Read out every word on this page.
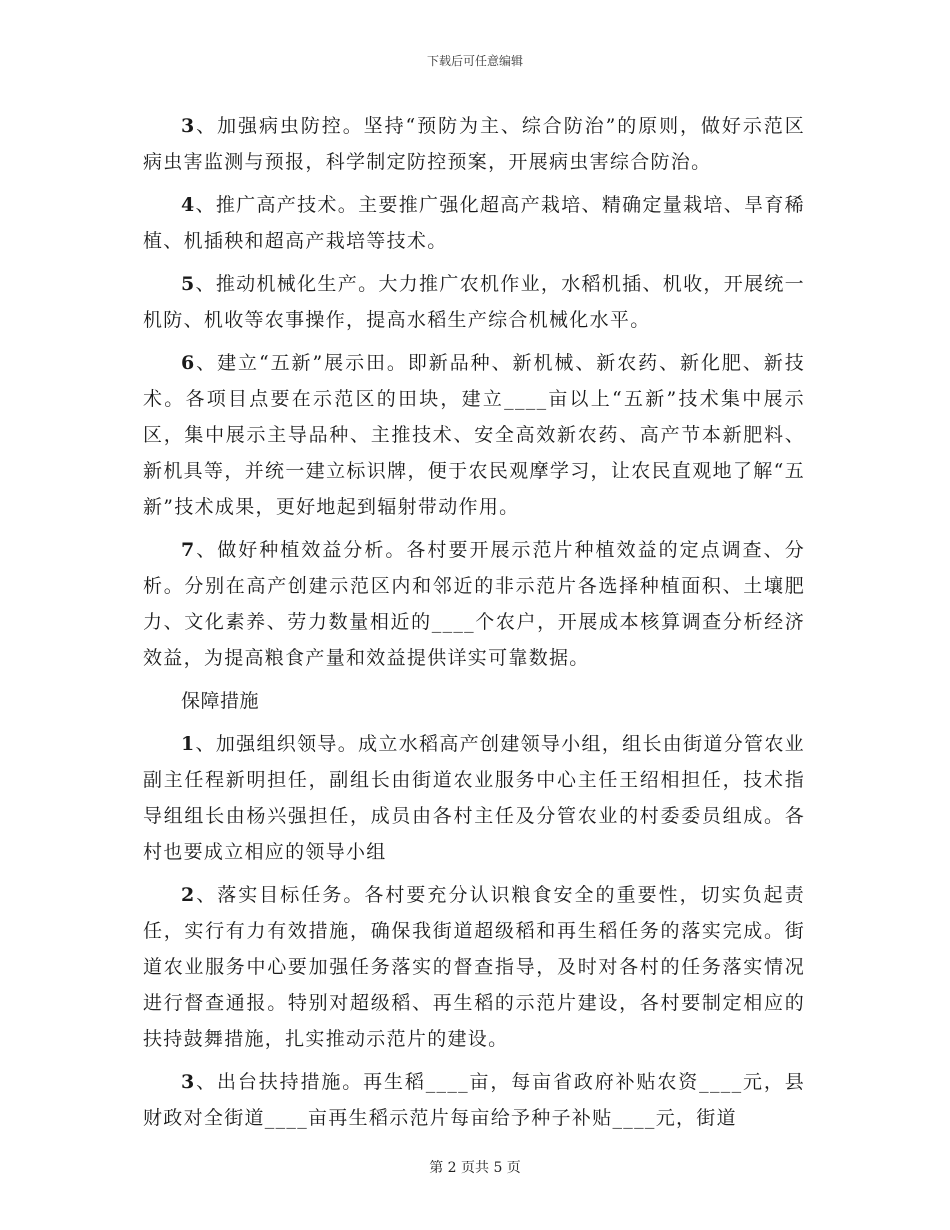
下载后可任意编辑

3、加强病虫防控。坚持“预防为主、综合防治”的原则，做好示范区病虫害监测与预报，科学制定防控预案，开展病虫害综合防治。

4、推广高产技术。主要推广强化超高产栽培、精确定量栽培、旱育稀植、机插秧和超高产栽培等技术。

5、推动机械化生产。大力推广农机作业，水稻机插、机收，开展统一机防、机收等农事操作，提高水稻生产综合机械化水平。

6、建立“五新”展示田。即新品种、新机械、新农药、新化肥、新技术。各项目点要在示范区的田块，建立____亩以上“五新”技术集中展示区，集中展示主导品种、主推技术、安全高效新农药、高产节本新肥料、新机具等，并统一建立标识牌，便于农民观摩学习，让农民直观地了解“五新”技术成果，更好地起到辐射带动作用。

7、做好种植效益分析。各村要开展示范片种植效益的定点调查、分析。分别在高产创建示范区内和邻近的非示范片各选择种植面积、土壤肥力、文化素养、劳力数量相近的____个农户，开展成本核算调查分析经济效益，为提高粮食产量和效益提供详实可靠数据。

保障措施

1、加强组织领导。成立水稻高产创建领导小组，组长由街道分管农业副主任程新明担任，副组长由街道农业服务中心主任王绍相担任，技术指导组组长由杨兴强担任，成员由各村主任及分管农业的村委委员组成。各村也要成立相应的领导小组

2、落实目标任务。各村要充分认识粮食安全的重要性，切实负起责任，实行有力有效措施，确保我街道超级稻和再生稻任务的落实完成。街道农业服务中心要加强任务落实的督查指导，及时对各村的任务落实情况进行督查通报。特别对超级稻、再生稻的示范片建设，各村要制定相应的扶持鼓舞措施，扎实推动示范片的建设。

3、出台扶持措施。再生稻____亩，每亩省政府补贴农资____元，县财政对全街道____亩再生稻示范片每亩给予种子补贴____元，街道

第 2 页共 5 页
